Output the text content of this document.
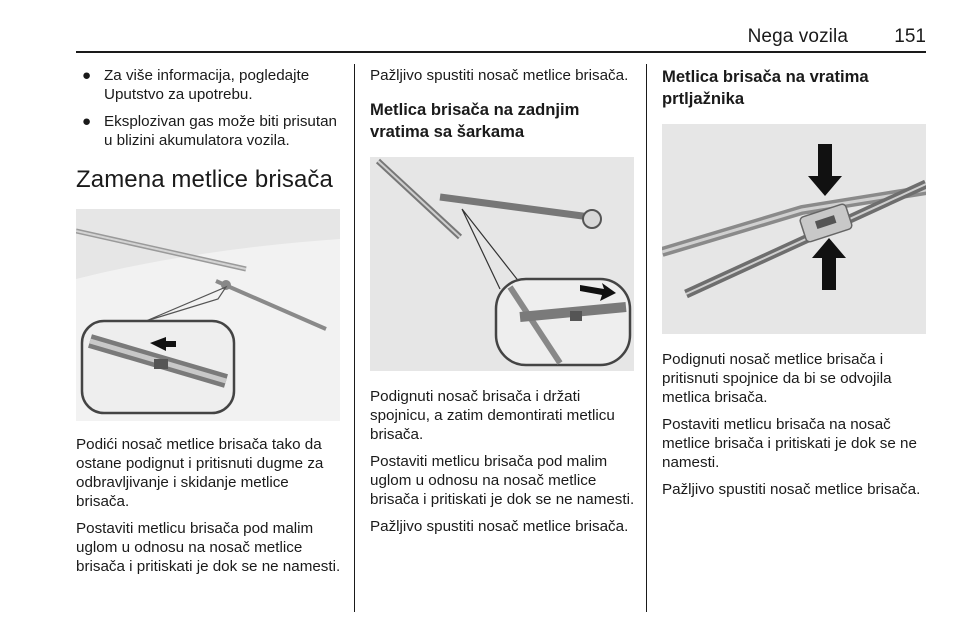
Nega vozila 151
● Za više informacija, pogledajte Uputstvo za upotrebu.
● Eksplozivan gas može biti prisutan u blizini akumulatora vozila.
Zamena metlice brisača

Podići nosač metlice brisača tako da ostane podignut i pritisnuti dugme za odbravljivanje i skidanje metlice brisača.

Postaviti metlicu brisača pod malim uglom u odnosu na nosač metlice brisača i pritiskati je dok se ne namesti.

Pažljivo spustiti nosač metlice brisača.

Metlica brisača na zadnjim vratima sa šarkama

Podignuti nosač brisača i držati spojnicu, a zatim demontirati metlicu brisača.

Postaviti metlicu brisača pod malim uglom u odnosu na nosač metlice brisača i pritiskati je dok se ne namesti.

Pažljivo spustiti nosač metlice brisača.

Metlica brisača na vratima prtljažnika

Podignuti nosač metlice brisača i pritisnuti spojnice da bi se odvojila metlica brisača.

Postaviti metlicu brisača na nosač metlice brisača i pritiskati je dok se ne namesti.

Pažljivo spustiti nosač metlice brisača.
